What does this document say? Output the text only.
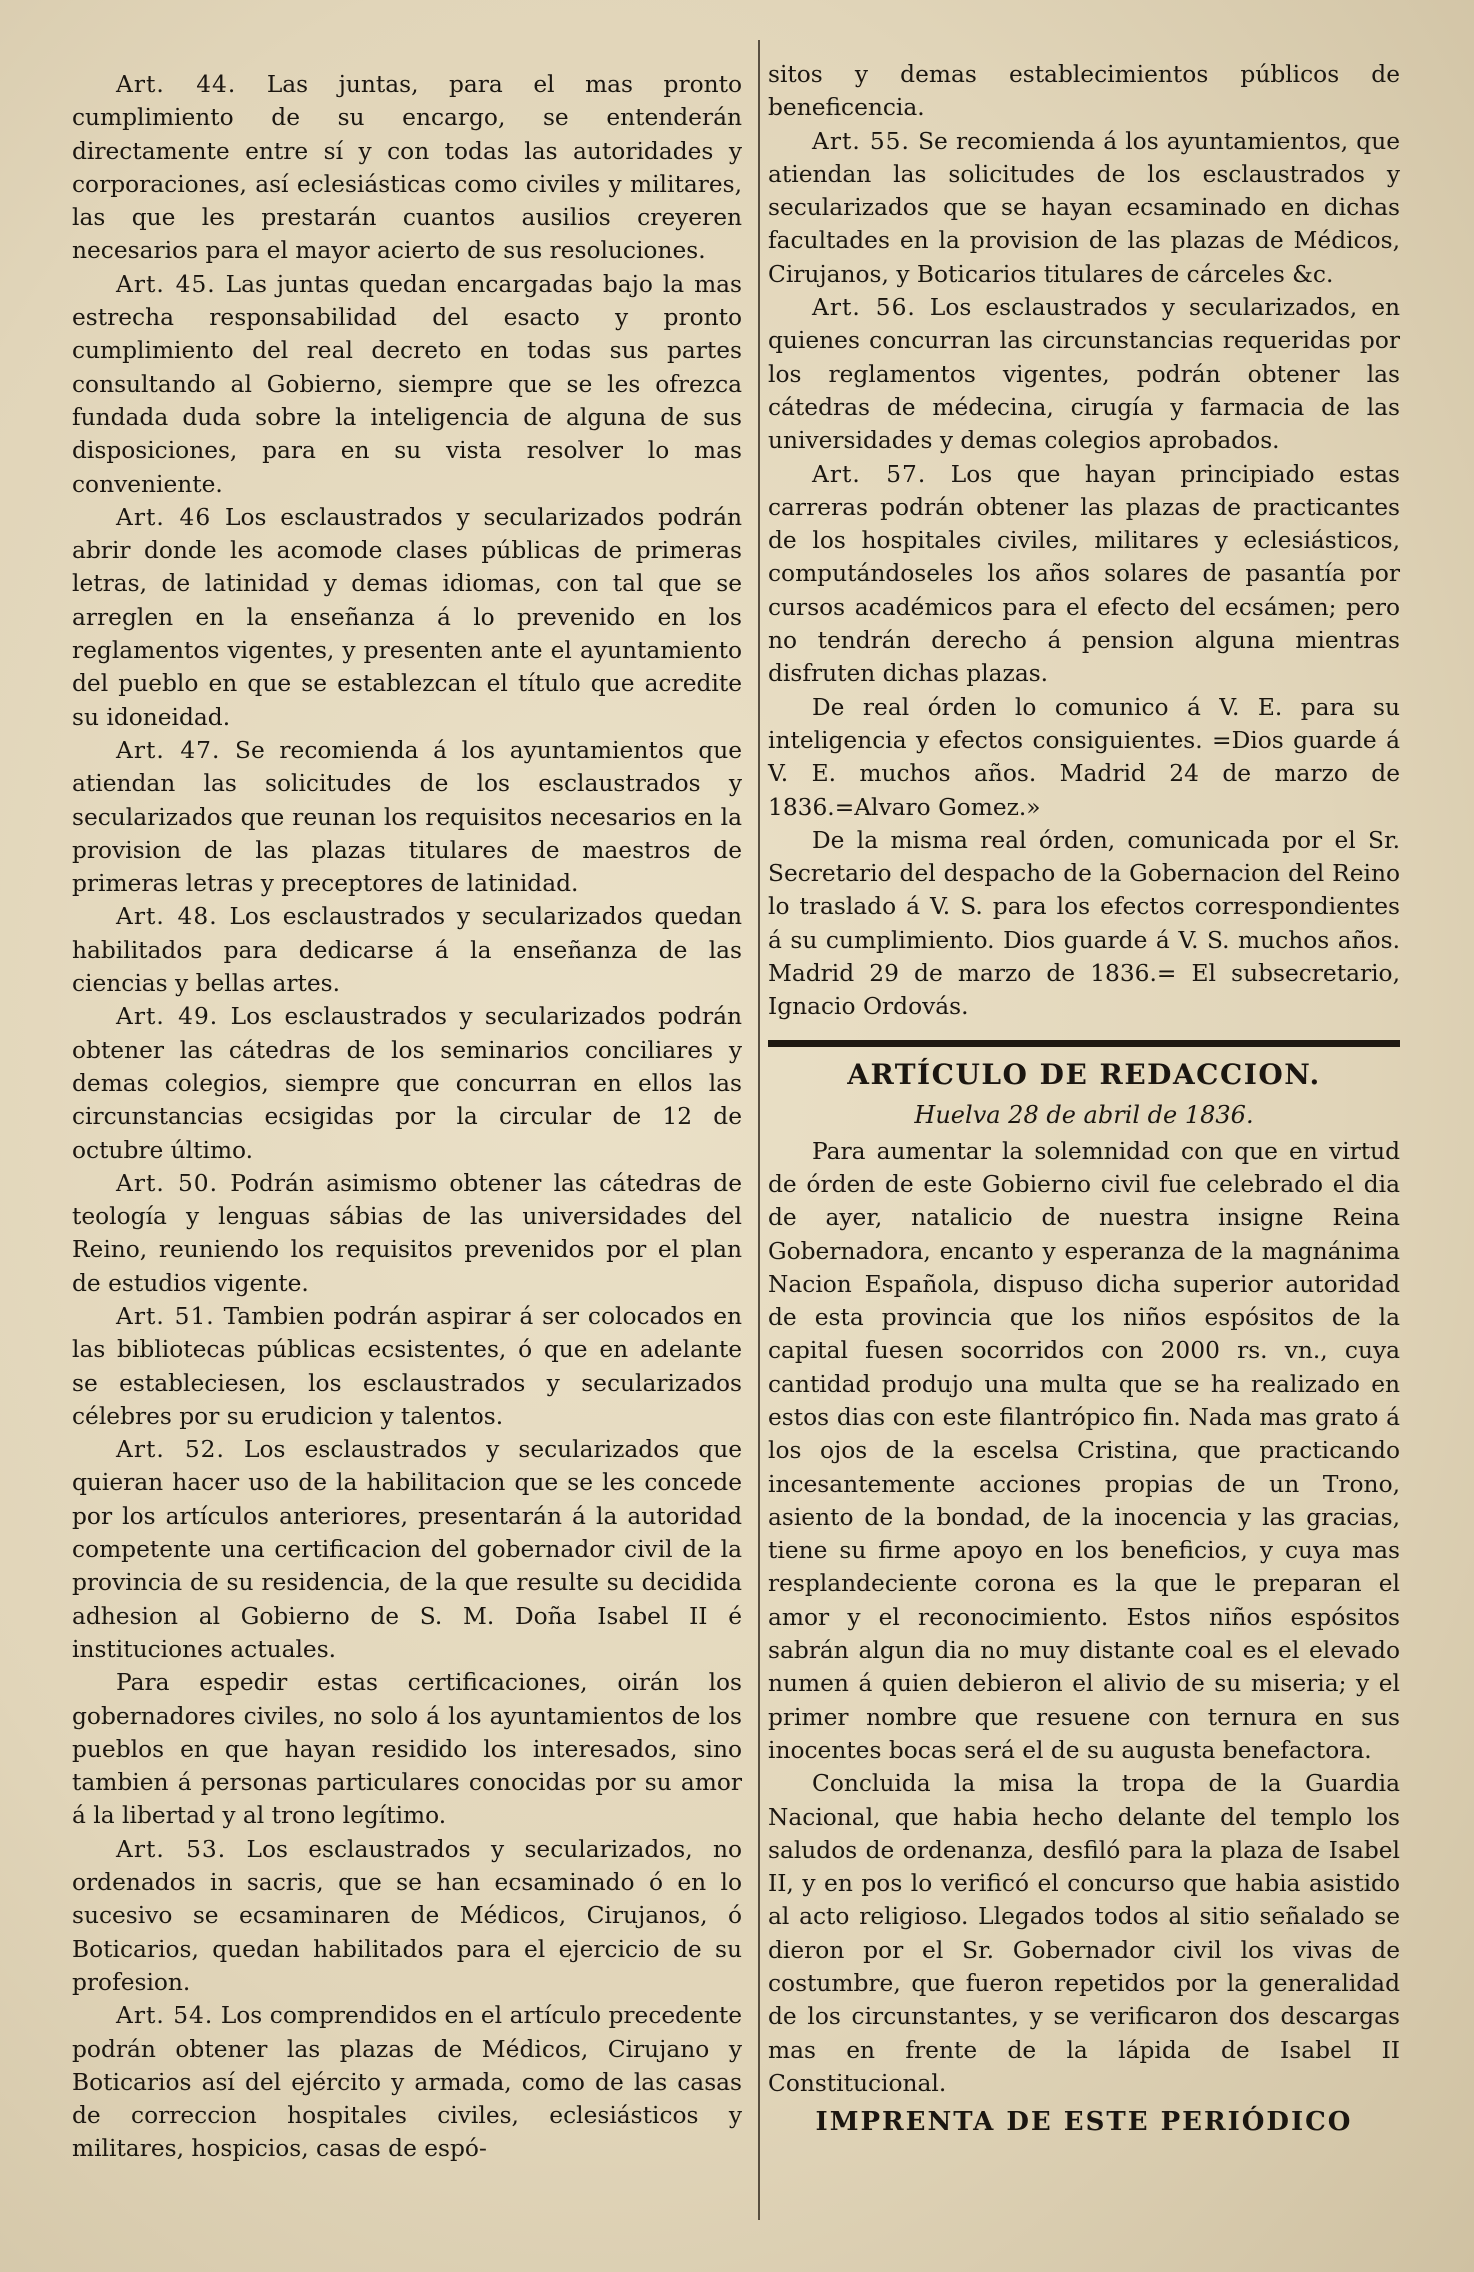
Art. 44. Las juntas, para el mas pronto cumplimiento de su encargo, se entenderán directamente entre sí y con todas las autoridades y corporaciones, así eclesiásticas como civiles y militares, las que les prestarán cuantos ausilios creyeren necesarios para el mayor acierto de sus resoluciones.

Art. 45. Las juntas quedan encargadas bajo la mas estrecha responsabilidad del esacto y pronto cumplimiento del real decreto en todas sus partes consultando al Gobierno, siempre que se les ofrezca fundada duda sobre la inteligencia de alguna de sus disposiciones, para en su vista resolver lo mas conveniente.

Art. 46 Los esclaustrados y secularizados podrán abrir donde les acomode clases públicas de primeras letras, de latinidad y demas idiomas, con tal que se arreglen en la enseñanza á lo prevenido en los reglamentos vigentes, y presenten ante el ayuntamiento del pueblo en que se establezcan el título que acredite su idoneidad.

Art. 47. Se recomienda á los ayuntamientos que atiendan las solicitudes de los esclaustrados y secularizados que reunan los requisitos necesarios en la provision de las plazas titulares de maestros de primeras letras y preceptores de latinidad.

Art. 48. Los esclaustrados y secularizados quedan habilitados para dedicarse á la enseñanza de las ciencias y bellas artes.

Art. 49. Los esclaustrados y secularizados podrán obtener las cátedras de los seminarios conciliares y demas colegios, siempre que concurran en ellos las circunstancias ecsigidas por la circular de 12 de octubre último.

Art. 50. Podrán asimismo obtener las cátedras de teología y lenguas sábias de las universidades del Reino, reuniendo los requisitos prevenidos por el plan de estudios vigente.

Art. 51. Tambien podrán aspirar á ser colocados en las bibliotecas públicas ecsistentes, ó que en adelante se estableciesen, los esclaustrados y secularizados célebres por su erudicion y talentos.

Art. 52. Los esclaustrados y secularizados que quieran hacer uso de la habilitacion que se les concede por los artículos anteriores, presentarán á la autoridad competente una certificacion del gobernador civil de la provincia de su residencia, de la que resulte su decidida adhesion al Gobierno de S. M. Doña Isabel II é instituciones actuales.

Para espedir estas certificaciones, oirán los gobernadores civiles, no solo á los ayuntamientos de los pueblos en que hayan residido los interesados, sino tambien á personas particulares conocidas por su amor á la libertad y al trono legítimo.

Art. 53. Los esclaustrados y secularizados, no ordenados in sacris, que se han ecsaminado ó en lo sucesivo se ecsaminaren de Médicos, Cirujanos, ó Boticarios, quedan habilitados para el ejercicio de su profesion.

Art. 54. Los comprendidos en el artículo precedente podrán obtener las plazas de Médicos, Cirujano y Boticarios así del ejército y armada, como de las casas de correccion hospitales civiles, eclesiásticos y militares, hospicios, casas de espó-

sitos y demas establecimientos públicos de beneficencia.

Art. 55. Se recomienda á los ayuntamientos, que atiendan las solicitudes de los esclaustrados y secularizados que se hayan ecsaminado en dichas facultades en la provision de las plazas de Médicos, Cirujanos, y Boticarios titulares de cárceles &c.

Art. 56. Los esclaustrados y secularizados, en quienes concurran las circunstancias requeridas por los reglamentos vigentes, podrán obtener las cátedras de médecina, cirugía y farmacia de las universidades y demas colegios aprobados.

Art. 57. Los que hayan principiado estas carreras podrán obtener las plazas de practicantes de los hospitales civiles, militares y eclesiásticos, computándoseles los años solares de pasantía por cursos académicos para el efecto del ecsámen; pero no tendrán derecho á pension alguna mientras disfruten dichas plazas.

De real órden lo comunico á V. E. para su inteligencia y efectos consiguientes. =Dios guarde á V. E. muchos años. Madrid 24 de marzo de 1836.=Alvaro Gomez.»

De la misma real órden, comunicada por el Sr. Secretario del despacho de la Gobernacion del Reino lo traslado á V. S. para los efectos correspondientes á su cumplimiento. Dios guarde á V. S. muchos años. Madrid 29 de marzo de 1836.= El subsecretario, Ignacio Ordovás.

ARTÍCULO DE REDACCION.

Huelva 28 de abril de 1836.

Para aumentar la solemnidad con que en virtud de órden de este Gobierno civil fue celebrado el dia de ayer, natalicio de nuestra insigne Reina Gobernadora, encanto y esperanza de la magnánima Nacion Española, dispuso dicha superior autoridad de esta provincia que los niños espósitos de la capital fuesen socorridos con 2000 rs. vn., cuya cantidad produjo una multa que se ha realizado en estos dias con este filantrópico fin. Nada mas grato á los ojos de la escelsa Cristina, que practicando incesantemente acciones propias de un Trono, asiento de la bondad, de la inocencia y las gracias, tiene su firme apoyo en los beneficios, y cuya mas resplandeciente corona es la que le preparan el amor y el reconocimiento. Estos niños espósitos sabrán algun dia no muy distante coal es el elevado numen á quien debieron el alivio de su miseria; y el primer nombre que resuene con ternura en sus inocentes bocas será el de su augusta benefactora.

Concluida la misa la tropa de la Guardia Nacional, que habia hecho delante del templo los saludos de ordenanza, desfiló para la plaza de Isabel II, y en pos lo verificó el concurso que habia asistido al acto religioso. Llegados todos al sitio señalado se dieron por el Sr. Gobernador civil los vivas de costumbre, que fueron repetidos por la generalidad de los circunstantes, y se verificaron dos descargas mas en frente de la lápida de Isabel II Constitucional.

IMPRENTA DE ESTE PERIÓDICO
